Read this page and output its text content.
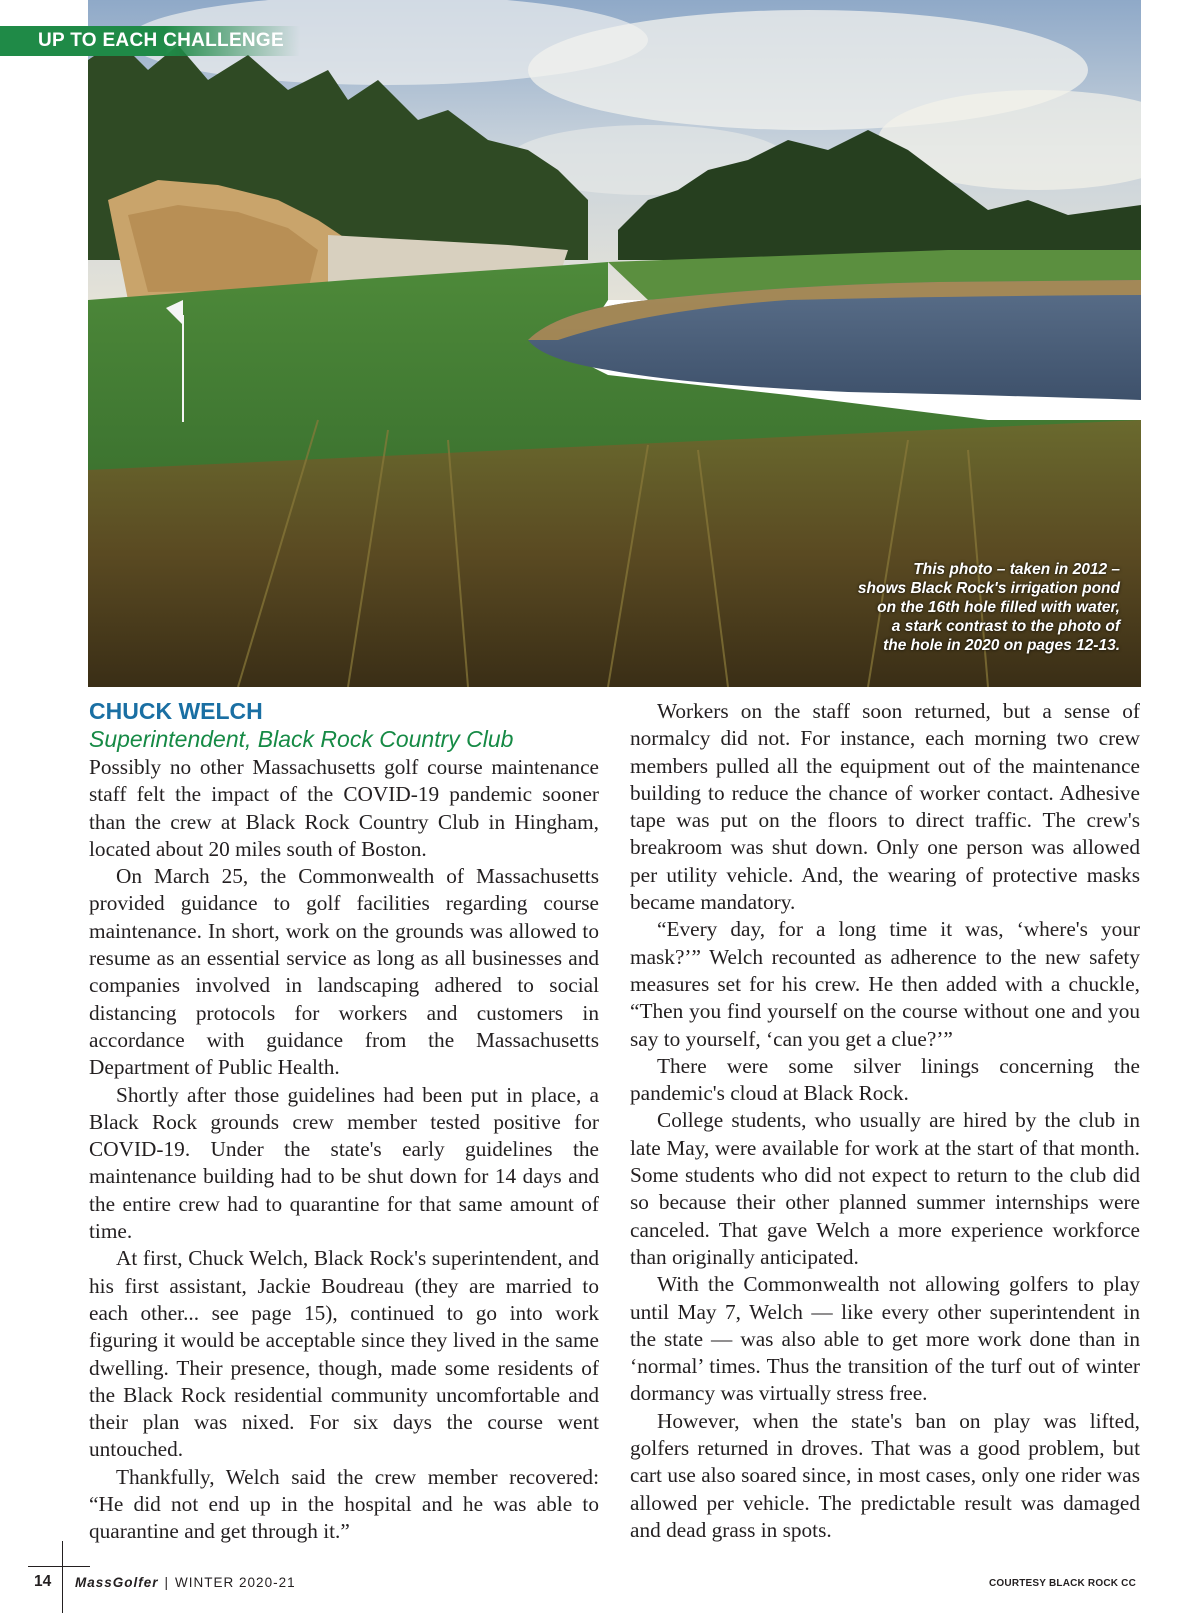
UP TO EACH CHALLENGE
This photo – taken in 2012 –
shows Black Rock's irrigation pond
on the 16th hole filled with water,
a stark contrast to the photo of
the hole in 2020 on pages 12-13.
CHUCK WELCH
Superintendent, Black Rock Country Club

Possibly no other Massachusetts golf course maintenance staff felt the impact of the COVID-19 pandemic sooner than the crew at Black Rock Country Club in Hingham, located about 20 miles south of Boston.

On March 25, the Commonwealth of Massachusetts provided guidance to golf facilities regarding course maintenance. In short, work on the grounds was allowed to resume as an essential service as long as all businesses and companies involved in landscaping adhered to social distancing protocols for workers and customers in accordance with guidance from the Massachusetts Department of Public Health.

Shortly after those guidelines had been put in place, a Black Rock grounds crew member tested positive for COVID-19. Under the state's early guidelines the maintenance building had to be shut down for 14 days and the entire crew had to quarantine for that same amount of time.

At first, Chuck Welch, Black Rock's superintendent, and his first assistant, Jackie Boudreau (they are married to each other... see page 15), continued to go into work figuring it would be acceptable since they lived in the same dwelling. Their presence, though, made some residents of the Black Rock residential community uncomfortable and their plan was nixed. For six days the course went untouched.

Thankfully, Welch said the crew member recovered: “He did not end up in the hospital and he was able to quarantine and get through it.”

Workers on the staff soon returned, but a sense of normalcy did not. For instance, each morning two crew members pulled all the equipment out of the maintenance building to reduce the chance of worker contact. Adhesive tape was put on the floors to direct traffic. The crew's breakroom was shut down. Only one person was allowed per utility vehicle. And, the wearing of protective masks became mandatory.

“Every day, for a long time it was, ‘where's your mask?’” Welch recounted as adherence to the new safety measures set for his crew. He then added with a chuckle, “Then you find yourself on the course without one and you say to yourself, ‘can you get a clue?’”

There were some silver linings concerning the pandemic's cloud at Black Rock.

College students, who usually are hired by the club in late May, were available for work at the start of that month. Some students who did not expect to return to the club did so because their other planned summer internships were canceled. That gave Welch a more experience workforce than originally anticipated.

With the Commonwealth not allowing golfers to play until May 7, Welch — like every other superintendent in the state — was also able to get more work done than in ‘normal’ times. Thus the transition of the turf out of winter dormancy was virtually stress free.

However, when the state's ban on play was lifted, golfers returned in droves. That was a good problem, but cart use also soared since, in most cases, only one rider was allowed per vehicle. The predictable result was damaged and dead grass in spots.

14 MassGolfer | WINTER 2020-21	COURTESY BLACK ROCK CC
